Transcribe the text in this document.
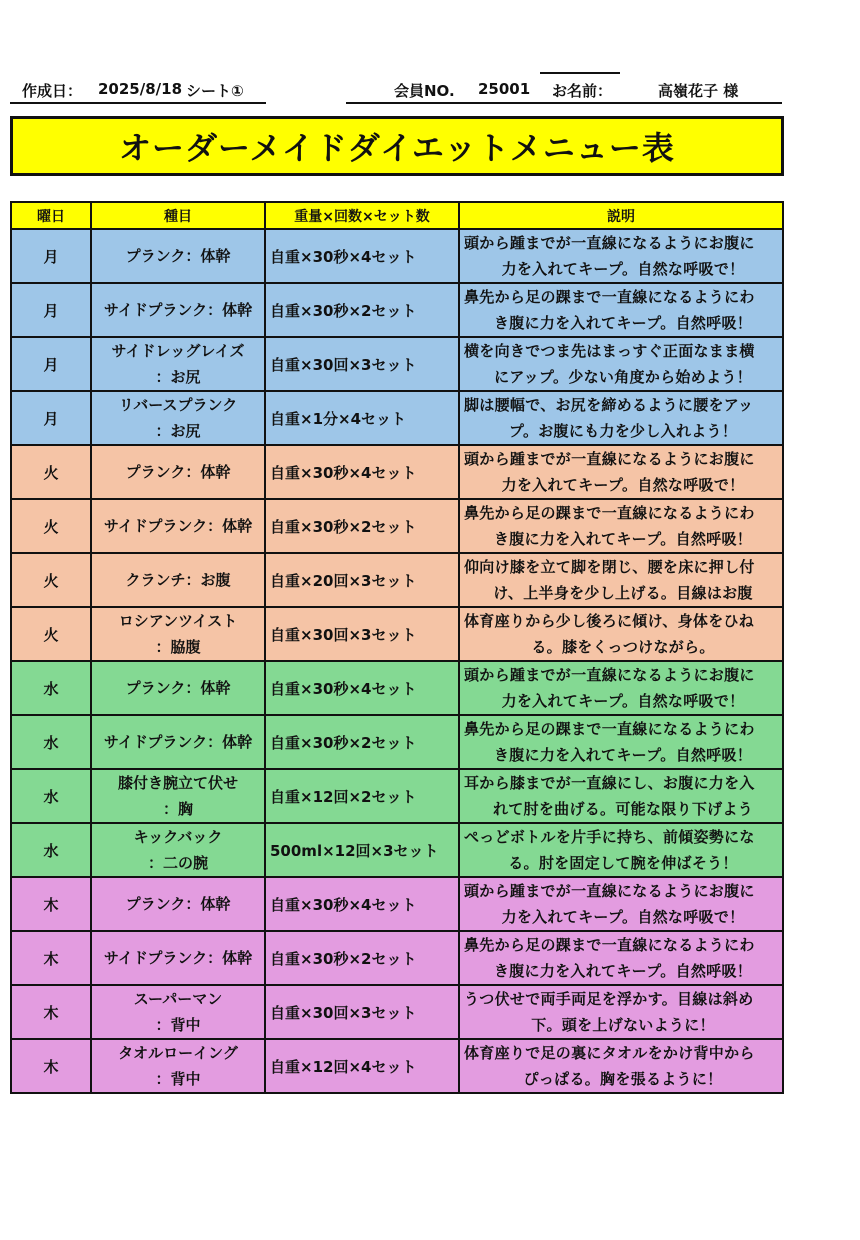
作成日： 2025/8/18 シート①	会員NO. 25001 お名前：	高嶺花子 様
オーダーメイドダイエットメニュー表
曜日	種目	重量×回数×セット数	説明
月	プランク：体幹	自重×30秒×4セット	頭から踵までが一直線になるようにお腹に
力を入れてキープ。自然な呼吸で！

月	サイドプランク：体幹	自重×30秒×2セット	鼻先から足の踝まで一直線になるようにわ
き腹に力を入れてキープ。自然呼吸！

月	サイドレッグレイズ
：お尻	自重×30回×3セット	横を向きでつま先はまっすぐ正面なまま横
にアップ。少ない角度から始めよう！

月	リバースプランク
：お尻	自重×1分×4セット	脚は腰幅で、お尻を締めるように腰をアッ
プ。お腹にも力を少し入れよう！

火	プランク：体幹	自重×30秒×4セット	頭から踵までが一直線になるようにお腹に
力を入れてキープ。自然な呼吸で！

火	サイドプランク：体幹	自重×30秒×2セット	鼻先から足の踝まで一直線になるようにわ
き腹に力を入れてキープ。自然呼吸！

火	クランチ：お腹	自重×20回×3セット	仰向け膝を立て脚を閉じ、腰を床に押し付
け、上半身を少し上げる。目線はお腹

火	ロシアンツイスト
：脇腹	自重×30回×3セット	体育座りから少し後ろに傾け、身体をひね
る。膝をくっつけながら。

水	プランク：体幹	自重×30秒×4セット	頭から踵までが一直線になるようにお腹に
力を入れてキープ。自然な呼吸で！

水	サイドプランク：体幹	自重×30秒×2セット	鼻先から足の踝まで一直線になるようにわ
き腹に力を入れてキープ。自然呼吸！

水	膝付き腕立て伏せ
：胸	自重×12回×2セット	耳から膝までが一直線にし、お腹に力を入
れて肘を曲げる。可能な限り下げよう

水	キックバック
：二の腕	500ml×12回×3セット	ぺっどボトルを片手に持ち、前傾姿勢にな
る。肘を固定して腕を伸ばそう！

木	プランク：体幹	自重×30秒×4セット	頭から踵までが一直線になるようにお腹に
力を入れてキープ。自然な呼吸で！

木	サイドプランク：体幹	自重×30秒×2セット	鼻先から足の踝まで一直線になるようにわ
き腹に力を入れてキープ。自然呼吸！

木	スーパーマン
：背中	自重×30回×3セット	うつ伏せで両手両足を浮かす。目線は斜め
下。頭を上げないように！

木	タオルローイング
：背中	自重×12回×4セット	体育座りで足の裏にタオルをかけ背中から
ぴっぱる。胸を張るように！
